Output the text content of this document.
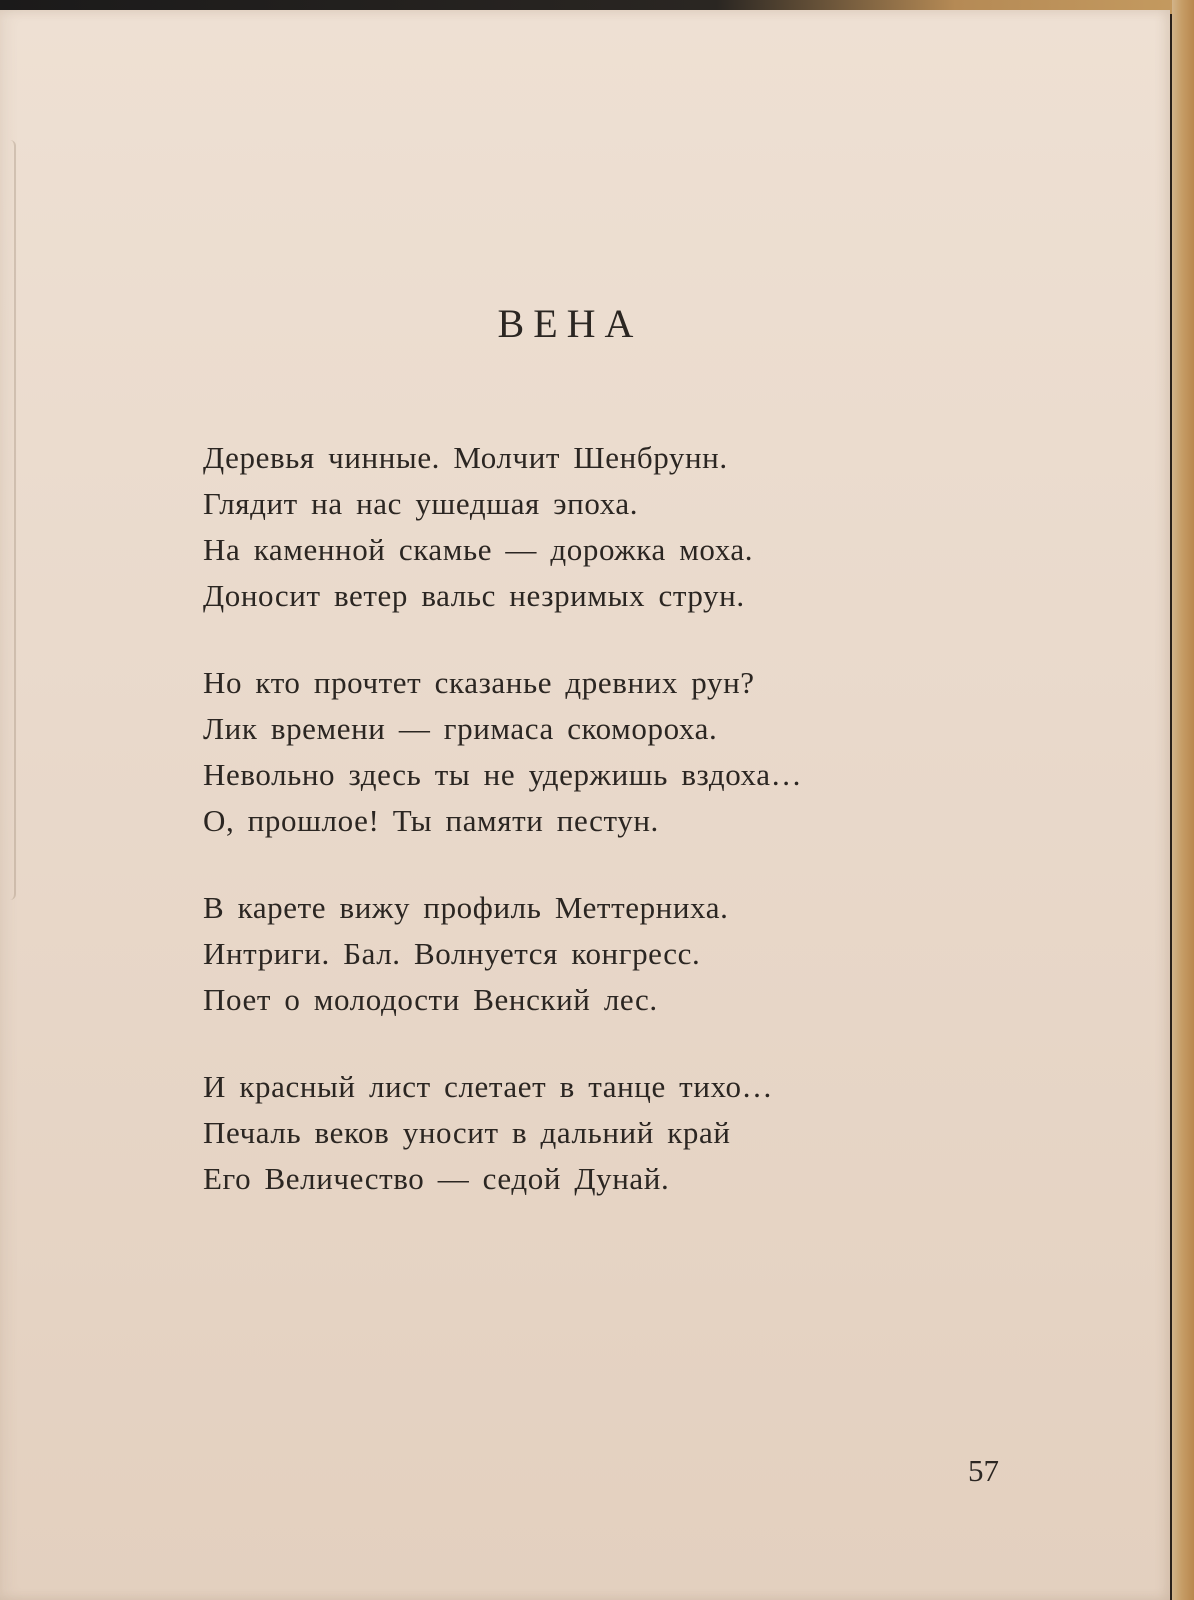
ВЕНА
Деревья чинные. Молчит Шенбрунн.
Глядит на нас ушедшая эпоха.
На каменной скамье — дорожка моха.
Доносит ветер вальс незримых струн.
Но кто прочтет сказанье древних рун?
Лик времени — гримаса скомороха.
Невольно здесь ты не удержишь вздоха…
О, прошлое! Ты памяти пестун.
В карете вижу профиль Меттерниха.
Интриги. Бал. Волнуется конгресс.
Поет о молодости Венский лес.
И красный лист слетает в танце тихо…
Печаль веков уносит в дальний край
Его Величество — седой Дунай.
57
